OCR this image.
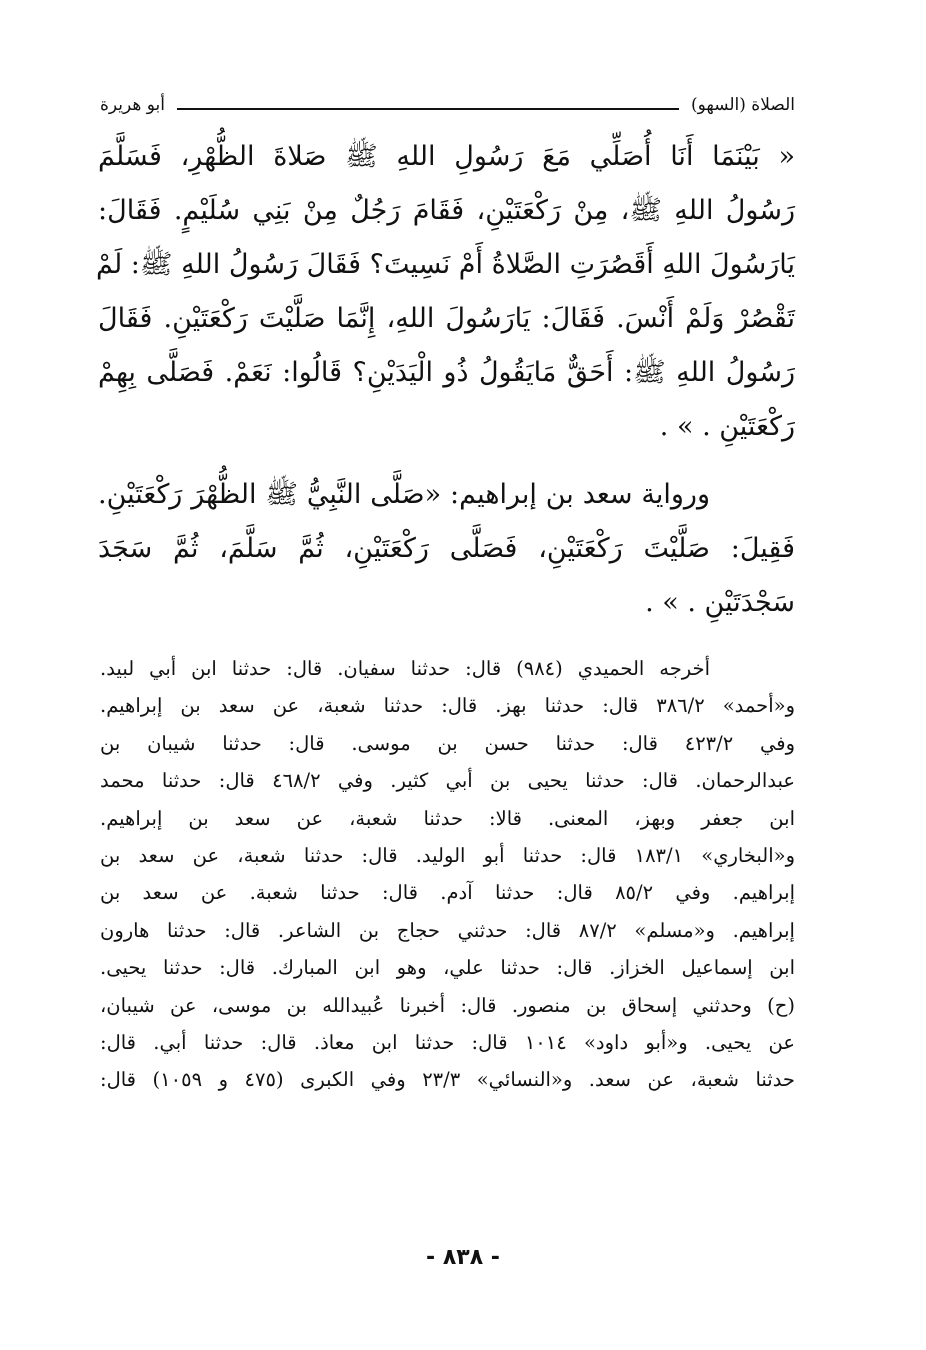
الصلاة (السهو)
أبو هريرة
« بَيْنَمَا أَنَا أُصَلِّي مَعَ رَسُولِ اللهِ ﷺ صَلاةَ الظُّهْرِ، فَسَلَّمَ
رَسُولُ اللهِ ﷺ، مِنْ رَكْعَتَيْنِ، فَقَامَ رَجُلٌ مِنْ بَنِي سُلَيْمٍ. فَقَالَ:
يَارَسُولَ اللهِ أَقَصُرَتِ الصَّلاةُ أَمْ نَسِيتَ؟ فَقَالَ رَسُولُ اللهِ ﷺ: لَمْ
تَقْصُرْ وَلَمْ أَنْسَ. فَقَالَ: يَارَسُولَ اللهِ، إِنَّمَا صَلَّيْتَ رَكْعَتَيْنِ. فَقَالَ
رَسُولُ اللهِ ﷺ: أَحَقٌّ مَايَقُولُ ذُو الْيَدَيْنِ؟ قَالُوا: نَعَمْ. فَصَلَّى بِهِمْ
رَكْعَتَيْنِ . » .
ورواية سعد بن إبراهيم: «صَلَّى النَّبِيُّ ﷺ الظُّهْرَ رَكْعَتَيْنِ.
فَقِيلَ: صَلَّيْتَ رَكْعَتَيْنِ، فَصَلَّى رَكْعَتَيْنِ، ثُمَّ سَلَّمَ، ثُمَّ سَجَدَ
سَجْدَتَيْنِ . » .
أخرجه الحميدي (٩٨٤) قال: حدثنا سفيان. قال: حدثنا ابن أبي لبيد.
و«أحمد» ٣٨٦/٢ قال: حدثنا بهز. قال: حدثنا شعبة، عن سعد بن إبراهيم.
وفي ٤٢٣/٢ قال: حدثنا حسن بن موسى. قال: حدثنا شيبان بن
عبدالرحمان. قال: حدثنا يحيى بن أبي كثير. وفي ٤٦٨/٢ قال: حدثنا محمد
ابن جعفر وبهز، المعنى. قالا: حدثنا شعبة، عن سعد بن إبراهيم.
و«البخاري» ١٨٣/١ قال: حدثنا أبو الوليد. قال: حدثنا شعبة، عن سعد بن
إبراهيم. وفي ٨٥/٢ قال: حدثنا آدم. قال: حدثنا شعبة. عن سعد بن
إبراهيم. و«مسلم» ٨٧/٢ قال: حدثني حجاج بن الشاعر. قال: حدثنا هارون
ابن إسماعيل الخزاز. قال: حدثنا علي، وهو ابن المبارك. قال: حدثنا يحيى.
(ح) وحدثني إسحاق بن منصور. قال: أخبرنا عُبيدالله بن موسى، عن شيبان،
عن يحيى. و«أبو داود» ١٠١٤ قال: حدثنا ابن معاذ. قال: حدثنا أبي. قال:
حدثنا شعبة، عن سعد. و«النسائي» ٢٣/٣ وفي الكبرى (٤٧٥ و ١٠٥٩) قال:
- ٨٣٨ -
